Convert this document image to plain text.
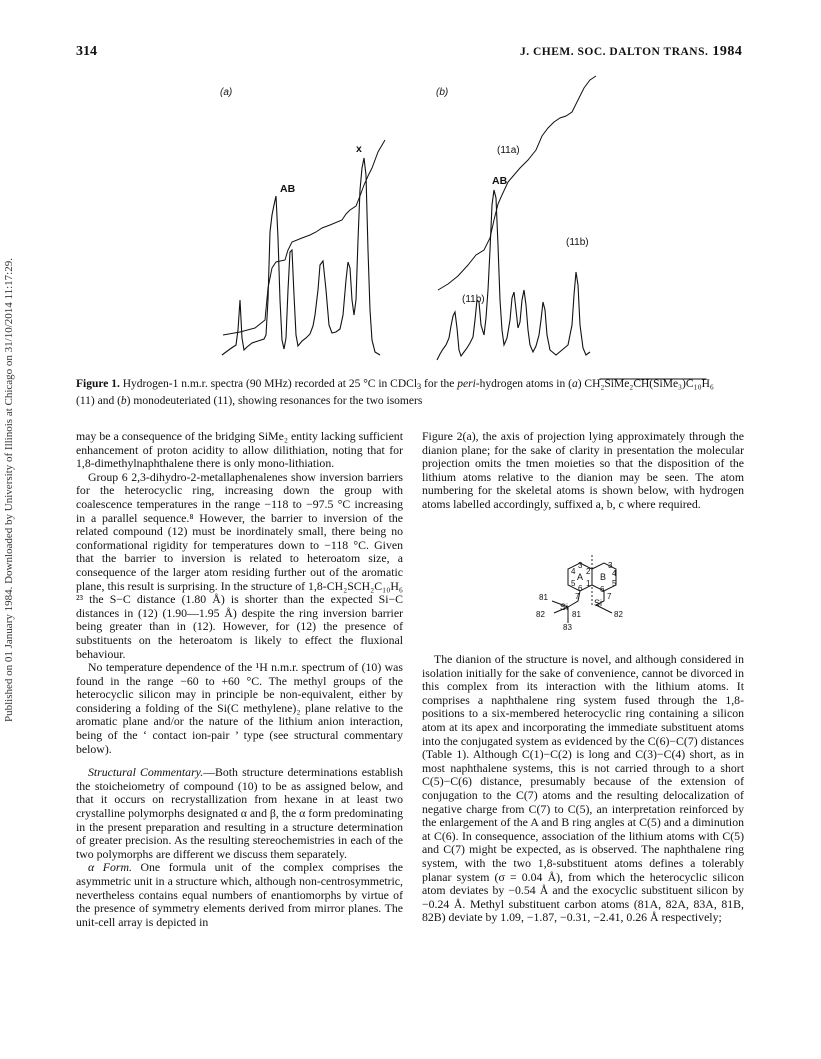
Published on 01 January 1984. Downloaded by University of Illinois at Chicago on 31/10/2014 11:17:29.
314	J. CHEM. SOC. DALTON TRANS. 1984
(a)	(b)
AB
x
AB
(11a)
(11b)
(11b)
Figure 1. Hydrogen-1 n.m.r. spectra (90 MHz) recorded at 25 °C in CDCl$_3$ for the peri-hydrogen atoms in (a) CH₂SiMe₂CH(SiMe₃)C₁₀H₆
(11) and (b) monodeuteriated (11), showing resonances for the two isomers

may be a consequence of the bridging SiMe₂ entity lacking sufficient enhancement of proton acidity to allow dilithiation, noting that for 1,8-dimethylnaphthalene there is only mono-lithiation.

Group 6 2,3-dihydro-2-metallaphenalenes show inversion barriers for the heterocyclic ring, increasing down the group with coalescence temperatures in the range −118 to −97.5 °C increasing in a parallel sequence.⁸ However, the barrier to inversion of the related compound (12) must be inordinately small, there being no conformational rigidity for temperatures down to −118 °C. Given that the barrier to inversion is related to heteroatom size, a consequence of the larger atom residing further out of the aromatic plane, this result is surprising. In the structure of 1,8-CH₂SCH₂C₁₀H₆ ²³ the S−C distance (1.80 Å) is shorter than the expected Si−C distances in (12) (1.90—1.95 Å) despite the ring inversion barrier being greater than in (12). However, for (12) the presence of substituents on the heteroatom is likely to effect the fluxional behaviour.

No temperature dependence of the ¹H n.m.r. spectrum of (10) was found in the range −60 to +60 °C. The methyl groups of the heterocyclic silicon may in principle be non-equivalent, either by considering a folding of the Si(C methylene)₂ plane relative to the aromatic plane and/or the nature of the lithium anion interaction, being of the ‘ contact ion-pair ’ type (see structural commentary below).

Structural Commentary.—Both structure determinations establish the stoicheiometry of compound (10) to be as assigned below, and that it occurs on recrystallization from hexane in at least two crystalline polymorphs designated α and β, the α form predominating in the present preparation and resulting in a structure determination of greater precision. As the resulting stereochemistries in each of the two polymorphs are different we discuss them separately.

α Form. One formula unit of the complex comprises the asymmetric unit in a structure which, although non-centrosymmetric, nevertheless contains equal numbers of enantiomorphs by virtue of the presence of symmetry elements derived from mirror planes. The unit-cell array is depicted in

Figure 2(a), the axis of projection lying approximately through the dianion plane; for the sake of clarity in presentation the molecular projection omits the tmen moieties so that the disposition of the lithium atoms relative to the dianion may be seen. The atom numbering for the skeletal atoms is shown below, with hydrogen atoms labelled accordingly, suffixed a, b, c where required.

4
3
2
5
6
1
A B
3
4
5
6
7	7
Si	Si
81
82	81	82
83

The dianion of the structure is novel, and although considered in isolation initially for the sake of convenience, cannot be divorced in this complex from its interaction with the lithium atoms. It comprises a naphthalene ring system fused through the 1,8-positions to a six-membered heterocyclic ring containing a silicon atom at its apex and incorporating the immediate substituent atoms into the conjugated system as evidenced by the C(6)−C(7) distances (Table 1). Although C(1)−C(2) is long and C(3)−C(4) short, as in most naphthalene systems, this is not carried through to a short C(5)−C(6) distance, presumably because of the extension of conjugation to the C(7) atoms and the resulting delocalization of negative charge from C(7) to C(5), an interpretation reinforced by the enlargement of the A and B ring angles at C(5) and a diminution at C(6). In consequence, association of the lithium atoms with C(5) and C(7) might be expected, as is observed. The naphthalene ring system, with the two 1,8-substituent atoms defines a tolerably planar system (σ = 0.04 Å), from which the heterocyclic silicon atom deviates by −0.54 Å and the exocyclic substituent silicon by −0.24 Å. Methyl substituent carbon atoms (81A, 82A, 83A, 81B, 82B) deviate by 1.09, −1.87, −0.31, −2.41, 0.26 Å respectively;
